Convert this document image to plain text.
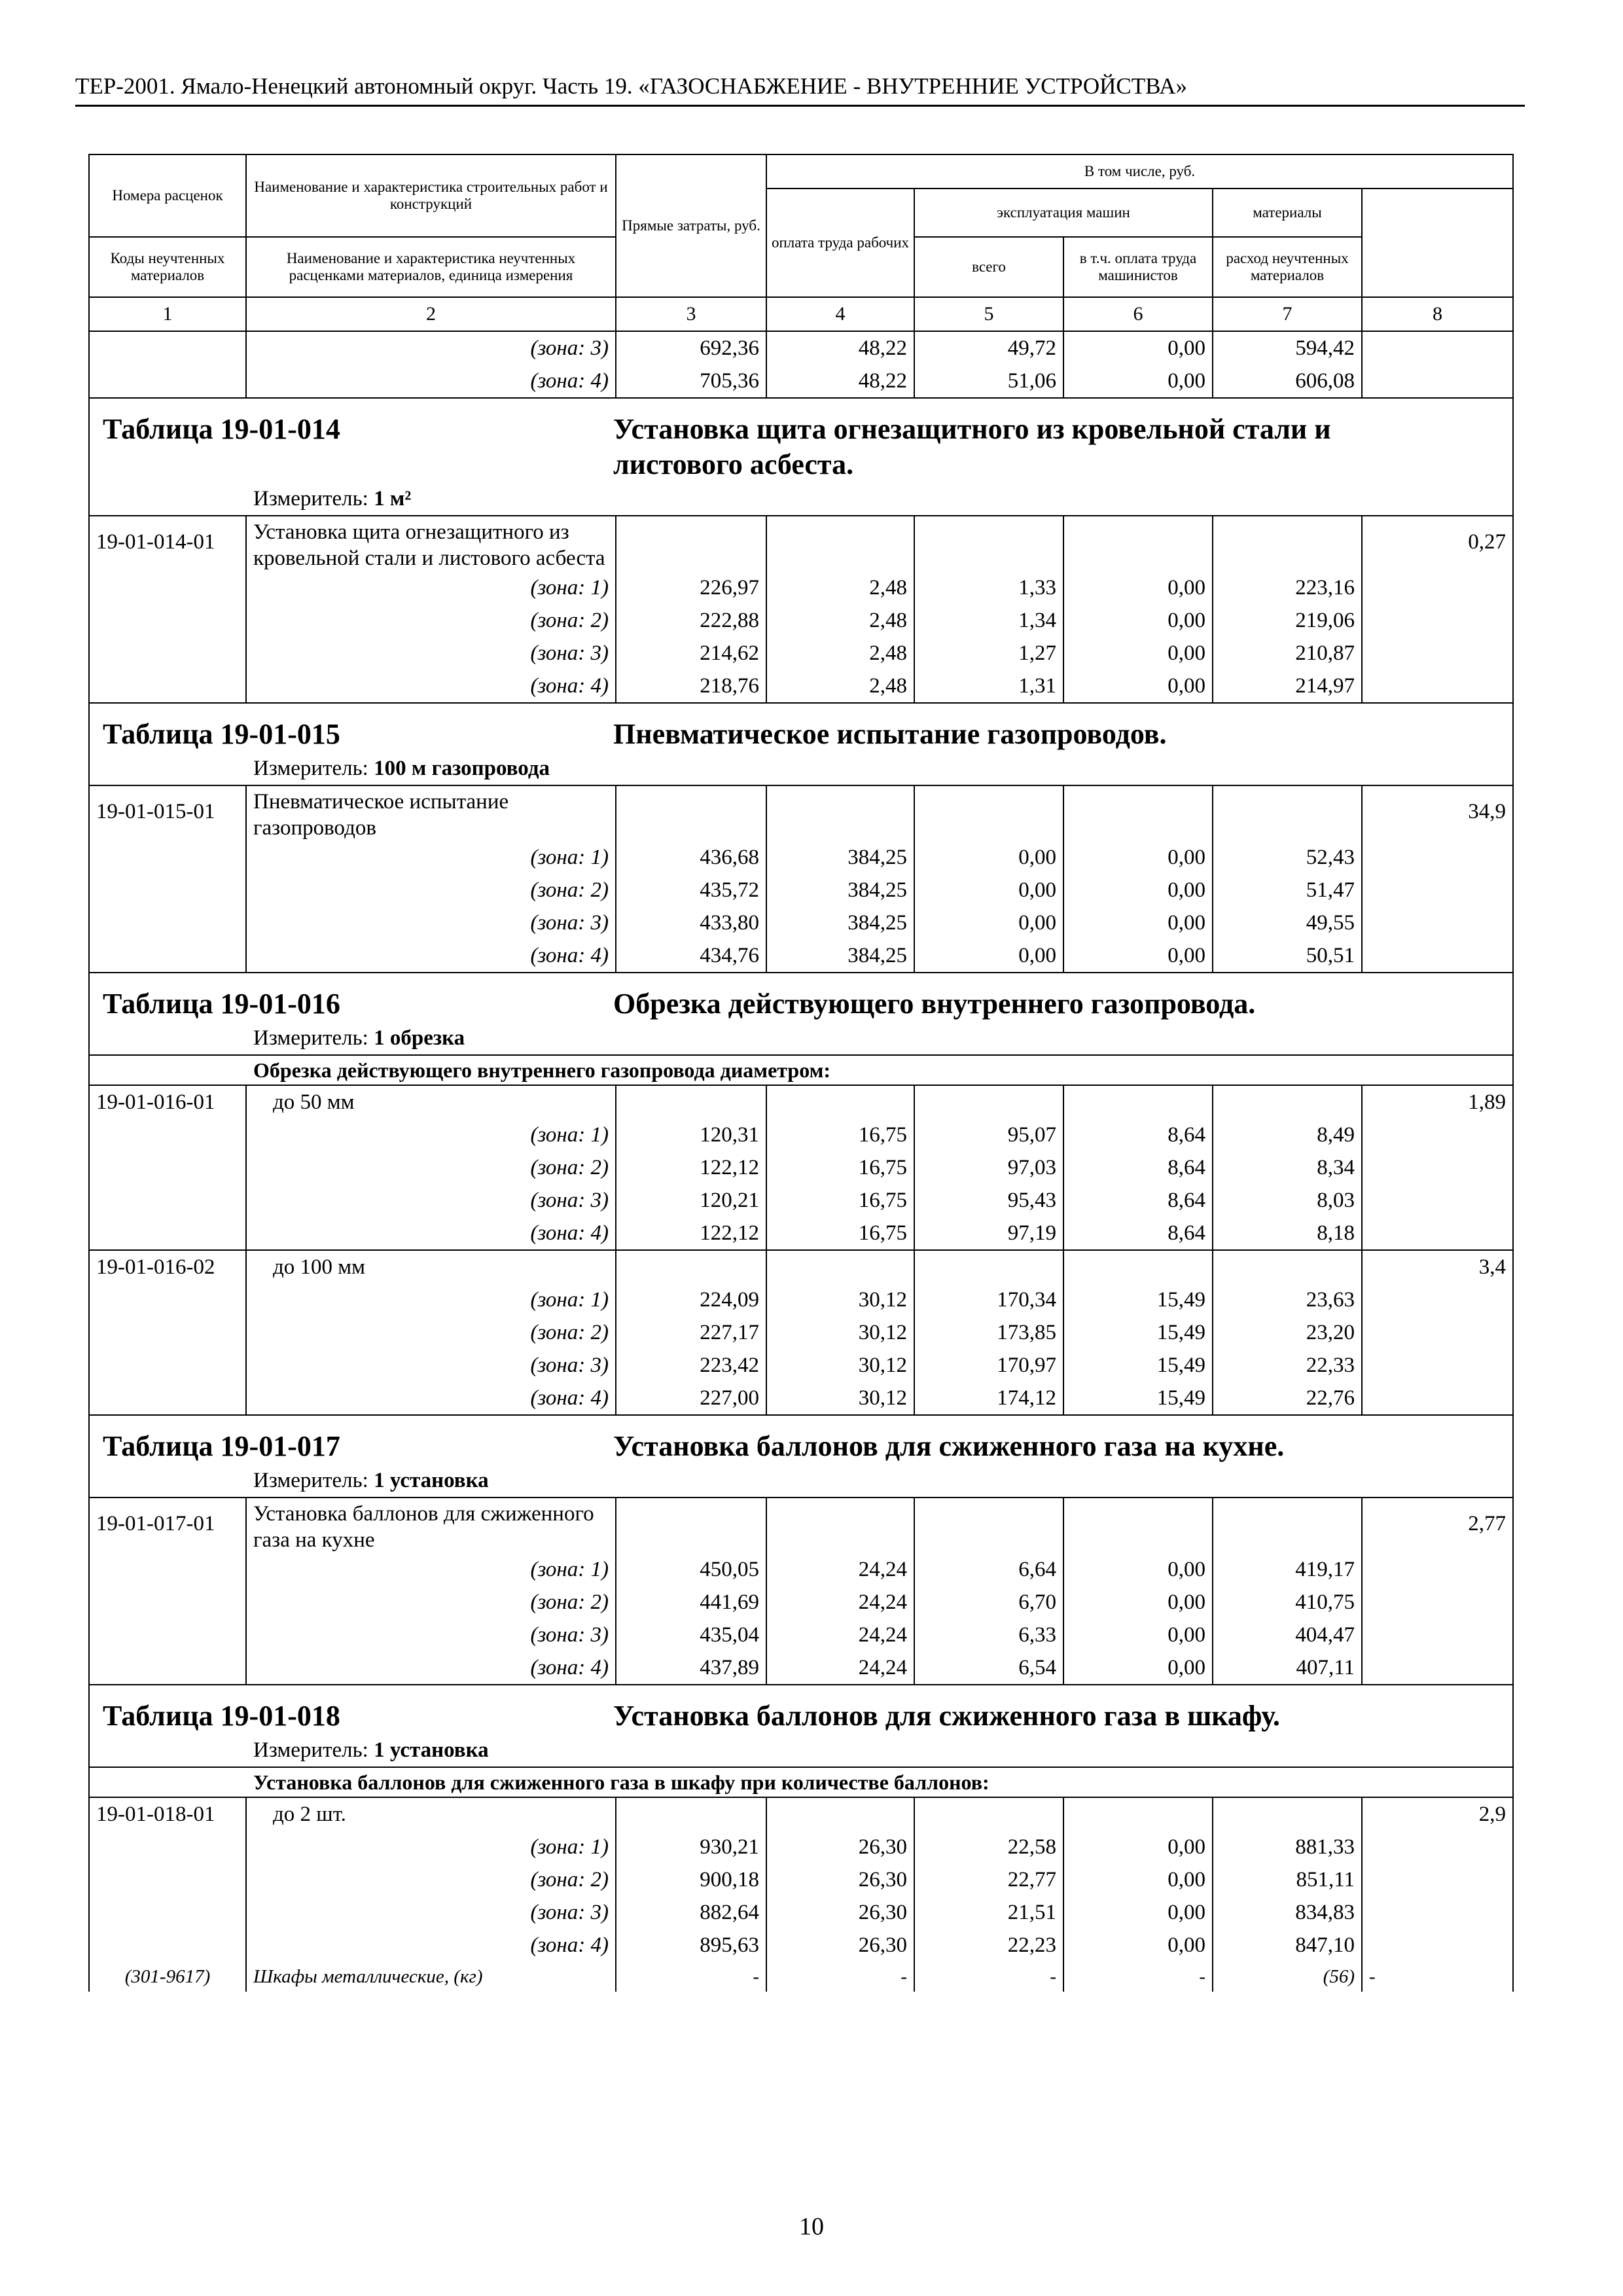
ТЕР-2001. Ямало-Ненецкий автономный округ. Часть 19. «ГАЗОСНАБЖЕНИЕ - ВНУТРЕННИЕ УСТРОЙСТВА»
Номера расценок	Наименование и характеристика строительных работ и конструкций	Прямые затраты, руб.	В том числе, руб.	
			оплата труда рабочих	эксплуатация машин		материалы		
Коды неучтенных материалов	Наименование и характеристика неучтенных расценками материалов, единица измерения			всего	в т.ч. оплата труда машинистов	расход неучтенных материалов		

1	2	3	4	5	6	7	8	
	(зона: 3)	692,36	48,22	49,72	0,00	594,42		
	(зона: 4)	705,36	48,22	51,06	0,00	606,08		
Таблица 19-01-014 Установка щита огнезащитного из кровельной стали и листового асбеста.								
Измеритель: 1 м²								
19-01-014-01	Установка щита огнезащитного из кровельной стали и листового асбеста						0,27	
	(зона: 1)	226,97	2,48	1,33	0,00	223,16		
	(зона: 2)	222,88	2,48	1,34	0,00	219,06		
	(зона: 3)	214,62	2,48	1,27	0,00	210,87		
	(зона: 4)	218,76	2,48	1,31	0,00	214,97		
Таблица 19-01-015 Пневматическое испытание газопроводов.								
Измеритель: 100 м газопровода								
19-01-015-01	Пневматическое испытание газопроводов						34,9	
	(зона: 1)	436,68	384,25	0,00	0,00	52,43		
	(зона: 2)	435,72	384,25	0,00	0,00	51,47		
	(зона: 3)	433,80	384,25	0,00	0,00	49,55		
	(зона: 4)	434,76	384,25	0,00	0,00	50,51		
Таблица 19-01-016 Обрезка действующего внутреннего газопровода.								
Измеритель: 1 обрезка								
Обрезка действующего внутреннего газопровода диаметром:								
19-01-016-01	до 50 мм						1,89	
	(зона: 1)	120,31	16,75	95,07	8,64	8,49		
	(зона: 2)	122,12	16,75	97,03	8,64	8,34		
	(зона: 3)	120,21	16,75	95,43	8,64	8,03		
	(зона: 4)	122,12	16,75	97,19	8,64	8,18		
19-01-016-02	до 100 мм						3,4	
	(зона: 1)	224,09	30,12	170,34	15,49	23,63		
	(зона: 2)	227,17	30,12	173,85	15,49	23,20		
	(зона: 3)	223,42	30,12	170,97	15,49	22,33		
	(зона: 4)	227,00	30,12	174,12	15,49	22,76		
Таблица 19-01-017 Установка баллонов для сжиженного газа на кухне.								
Измеритель: 1 установка								
19-01-017-01	Установка баллонов для сжиженного газа на кухне						2,77	
	(зона: 1)	450,05	24,24	6,64	0,00	419,17		
	(зона: 2)	441,69	24,24	6,70	0,00	410,75		
	(зона: 3)	435,04	24,24	6,33	0,00	404,47		
	(зона: 4)	437,89	24,24	6,54	0,00	407,11		
Таблица 19-01-018 Установка баллонов для сжиженного газа в шкафу.								
Измеритель: 1 установка								
Установка баллонов для сжиженного газа в шкафу при количестве баллонов:								
19-01-018-01	до 2 шт.						2,9	
	(зона: 1)	930,21	26,30	22,58	0,00	881,33		
	(зона: 2)	900,18	26,30	22,77	0,00	851,11		
	(зона: 3)	882,64	26,30	21,51	0,00	834,83		
	(зона: 4)	895,63	26,30	22,23	0,00	847,10		
(301-9617)	Шкафы металлические, (кг)	-	-	-	-	(56)	-	
10
